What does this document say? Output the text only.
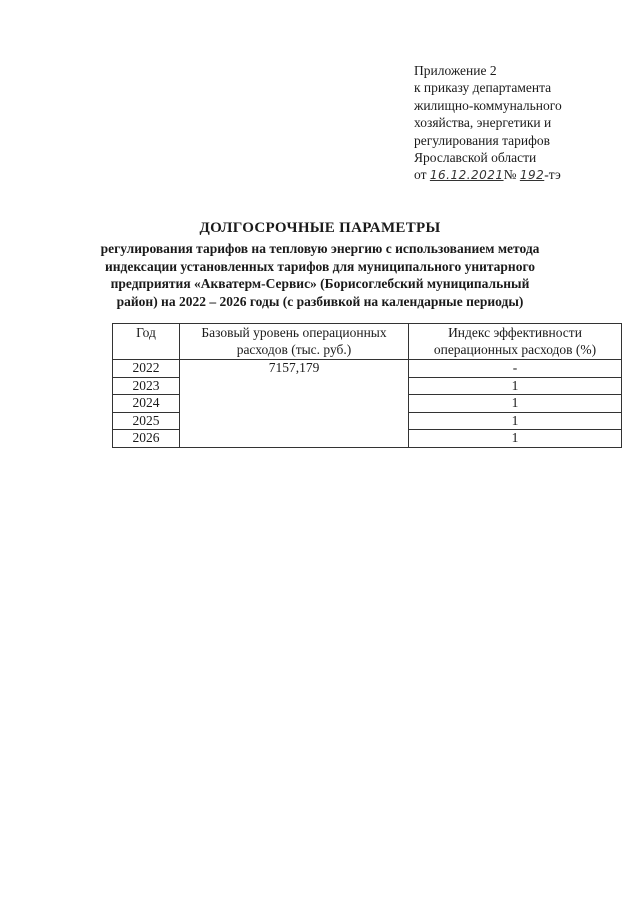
Приложение 2
к приказу департамента
жилищно-коммунального
хозяйства, энергетики и
регулирования тарифов
Ярославской области
от 16.12.2021№ 192-тэ
ДОЛГОСРОЧНЫЕ ПАРАМЕТРЫ
регулирования тарифов на тепловую энергию с использованием метода
индексации установленных тарифов для муниципального унитарного
предприятия «Акватерм-Сервис» (Борисоглебский муниципальный
район) на 2022 – 2026 годы (с разбивкой на календарные периоды)
Год	Базовый уровень операционных расходов (тыс. руб.)	Индекс эффективности операционных расходов (%)
2022	7157,179	-
2023		1
2024		1
2025		1
2026		1
